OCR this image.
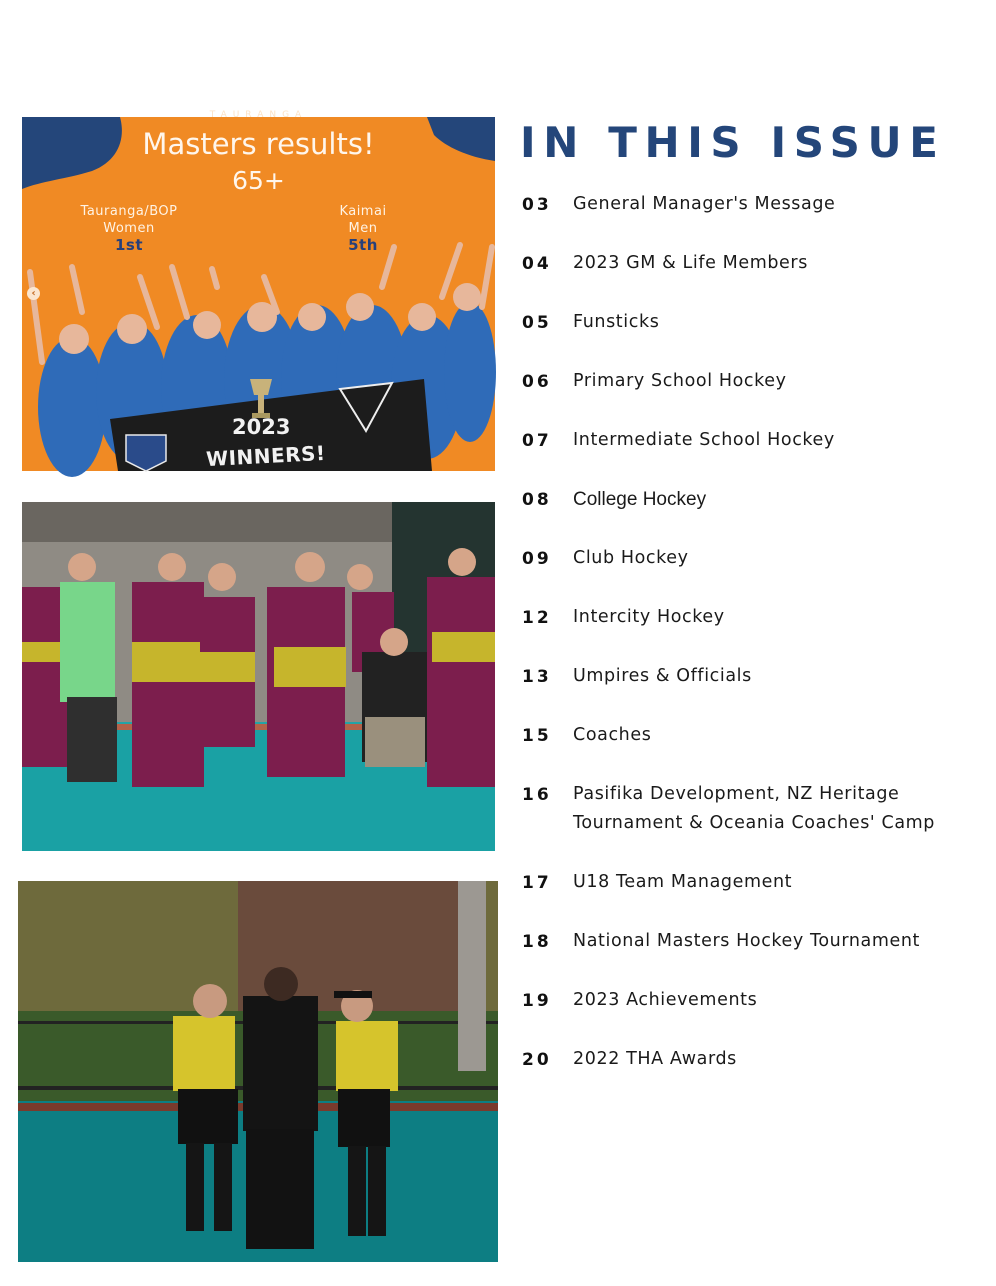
TAURANGA
Masters results!
65+
Tauranga/BOP
Women
1st
Kaimai
Men
5th
2023
WINNERS!
‹
IN THIS ISSUE
03	General Manager's Message
04	2023 GM & Life Members
05	Funsticks
06	Primary School Hockey
07	Intermediate School Hockey
08	College Hockey
09	Club Hockey
12	Intercity Hockey
13	Umpires & Officials
15	Coaches
16	Pasifika Development, NZ Heritage Tournament & Oceania Coaches' Camp
17	U18 Team Management
18	National Masters Hockey Tournament
19	2023 Achievements
20	2022 THA Awards
